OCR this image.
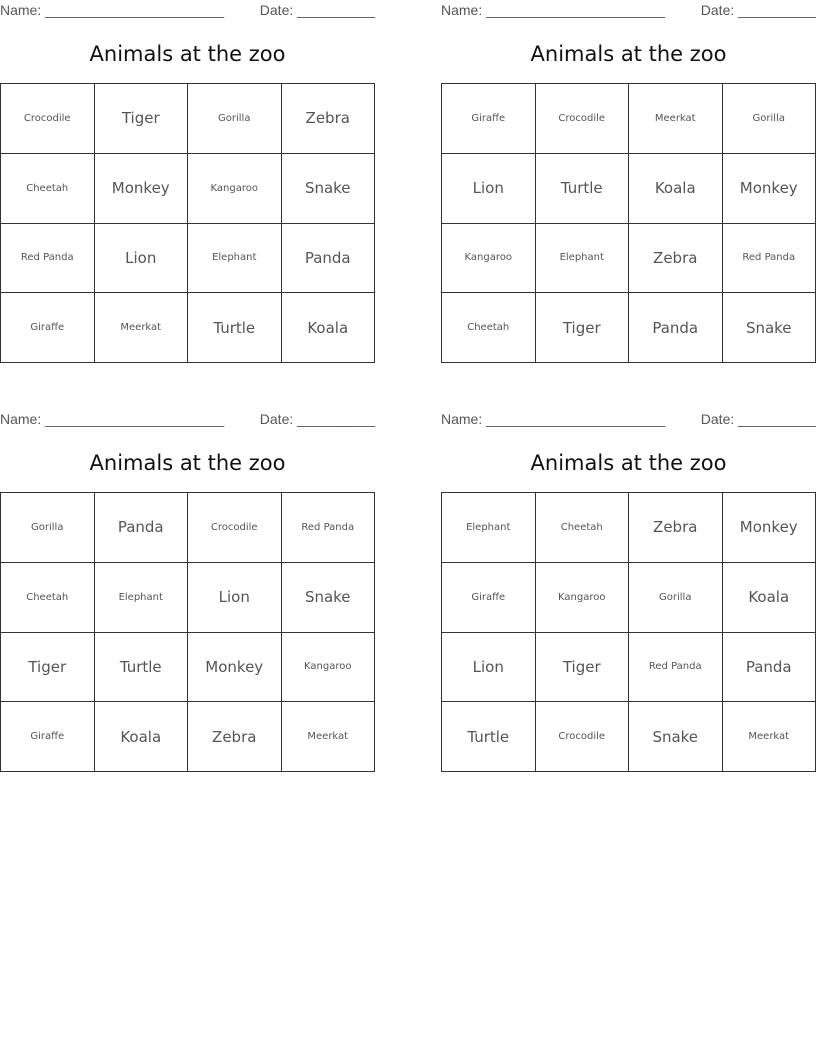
Name: _______________________	Date: __________
Animals at the zoo
Crocodile	Tiger	Gorilla	Zebra
Cheetah	Monkey	Kangaroo	Snake
Red Panda	Lion	Elephant	Panda
Giraffe	Meerkat	Turtle	Koala
Name: _______________________	Date: __________
Animals at the zoo
Giraffe	Crocodile	Meerkat	Gorilla
Lion	Turtle	Koala	Monkey
Kangaroo	Elephant	Zebra	Red Panda
Cheetah	Tiger	Panda	Snake
Name: _______________________	Date: __________
Animals at the zoo
Gorilla	Panda	Crocodile	Red Panda
Cheetah	Elephant	Lion	Snake
Tiger	Turtle	Monkey	Kangaroo
Giraffe	Koala	Zebra	Meerkat
Name: _______________________	Date: __________
Animals at the zoo
Elephant	Cheetah	Zebra	Monkey
Giraffe	Kangaroo	Gorilla	Koala
Lion	Tiger	Red Panda	Panda
Turtle	Crocodile	Snake	Meerkat
